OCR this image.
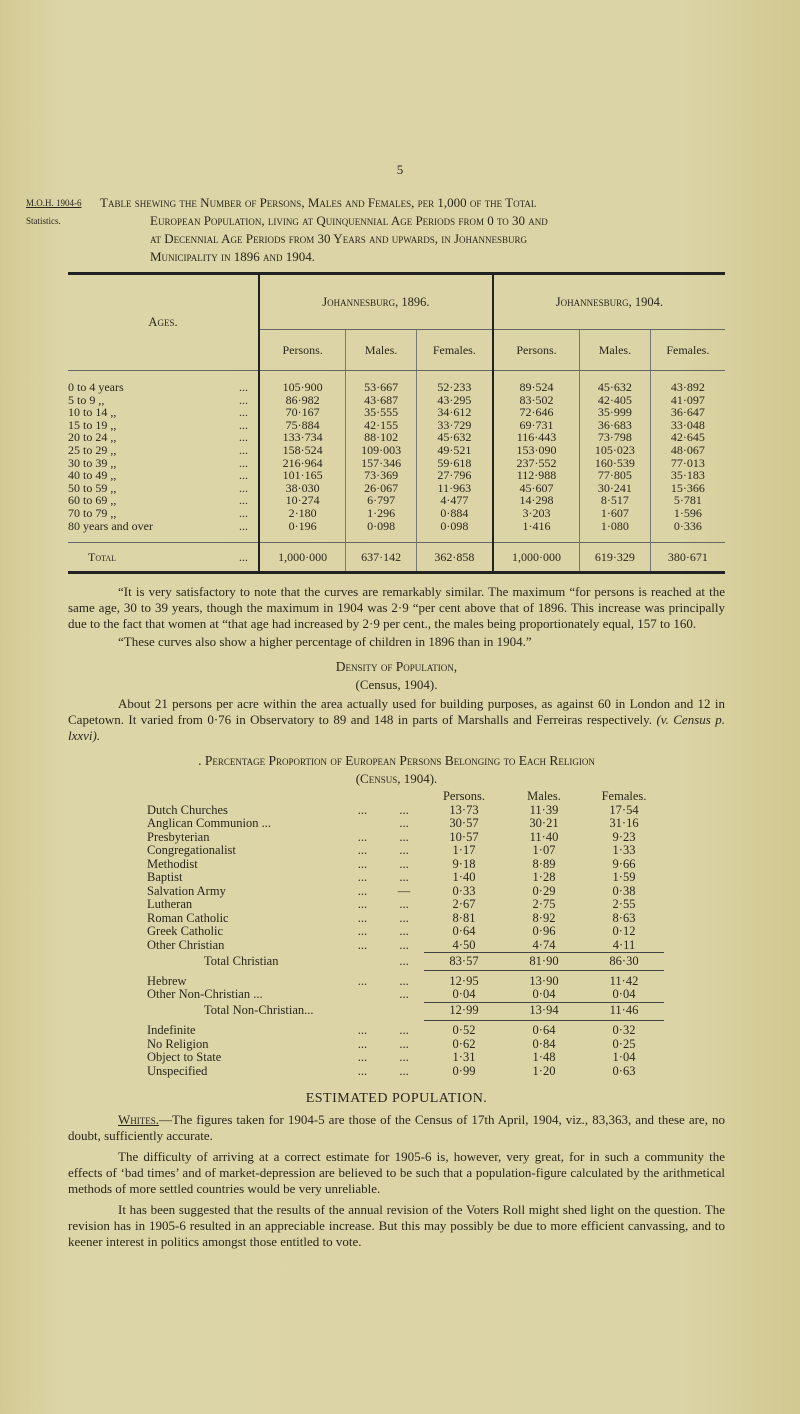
5
M.O.H. 1904-6
Statistics.
Table shewing the Number of Persons, Males and Females, per 1,000 of the Total
European Population, living at Quinquennial Age Periods from 0 to 30 and
at Decennial Age Periods from 30 Years and upwards, in Johannesburg
Municipality in 1896 and 1904.
Ages.	Johannesburg, 1896.			Johannesburg, 1904.		
	Persons.	Males.	Females.	Persons.	Males.	Females.

0 to 4 years ...	105·900	53·667	52·233	89·524	45·632	43·892
5 to 9 ,, ...	86·982	43·687	43·295	83·502	42·405	41·097
10 to 14 ,, ...	70·167	35·555	34·612	72·646	35·999	36·647
15 to 19 ,, ...	75·884	42·155	33·729	69·731	36·683	33·048
20 to 24 ,, ...	133·734	88·102	45·632	116·443	73·798	42·645
25 to 29 ,, ...	158·524	109·003	49·521	153·090	105·023	48·067
30 to 39 ,, ...	216·964	157·346	59·618	237·552	160·539	77·013
40 to 49 ,, ...	101·165	73·369	27·796	112·988	77·805	35·183
50 to 59 ,, ...	38·030	26·067	11·963	45·607	30·241	15·366
60 to 69 ,, ...	10·274	6·797	4·477	14·298	8·517	5·781
70 to 79 ,, ...	2·180	1·296	0·884	3·203	1·607	1·596
80 years and over ...	0·196	0·098	0·098	1·416	1·080	0·336

Total ...	1,000·000	637·142	362·858	1,000·000	619·329	380·671

“It is very satisfactory to note that the curves are remarkably similar. The maximum “for persons is reached at the same age, 30 to 39 years, though the maximum in 1904 was 2·9 “per cent above that of 1896. This increase was principally due to the fact that women at “that age had increased by 2·9 per cent., the males being proportionately equal, 157 to 160.

“These curves also show a higher percentage of children in 1896 than in 1904.”

Density of Population,
(Census, 1904).

About 21 persons per acre within the area actually used for building purposes, as against 60 in London and 12 in Capetown. It varied from 0·76 in Observatory to 89 and 148 in parts of Marshalls and Ferreiras respectively. (v. Census p. lxxvi).

. Percentage Proportion of European Persons Belonging to Each Religion
(Census, 1904).
			Persons.	Males.	Females.
Dutch Churches	...	...	13·73	11·39	17·54
Anglican Communion ...		...	30·57	30·21	31·16
Presbyterian	...	...	10·57	11·40	9·23
Congregationalist	...	...	1·17	1·07	1·33
Methodist	...	...	9·18	8·89	9·66
Baptist	...	...	1·40	1·28	1·59
Salvation Army	...	—	0·33	0·29	0·38
Lutheran	...	...	2·67	2·75	2·55
Roman Catholic	...	...	8·81	8·92	8·63
Greek Catholic	...	...	0·64	0·96	0·12
Other Christian	...	...	4·50	4·74	4·11
Total Christian		...	83·57	81·90	86·30

Hebrew	...	...	12·95	13·90	11·42
Other Non-Christian ...		...	0·04	0·04	0·04
Total Non-Christian...			12·99	13·94	11·46

Indefinite	...	...	0·52	0·64	0·32
No Religion	...	...	0·62	0·84	0·25
Object to State	...	...	1·31	1·48	1·04
Unspecified	...	...	0·99	1·20	0·63
ESTIMATED POPULATION.

Whites.—The figures taken for 1904-5 are those of the Census of 17th April, 1904, viz., 83,363, and these are, no doubt, sufficiently accurate.

The difficulty of arriving at a correct estimate for 1905-6 is, however, very great, for in such a community the effects of ‘bad times’ and of market-depression are believed to be such that a population-figure calculated by the arithmetical methods of more settled countries would be very unreliable.

It has been suggested that the results of the annual revision of the Voters Roll might shed light on the question. The revision has in 1905-6 resulted in an appreciable increase. But this may possibly be due to more efficient canvassing, and to keener interest in politics amongst those entitled to vote.
